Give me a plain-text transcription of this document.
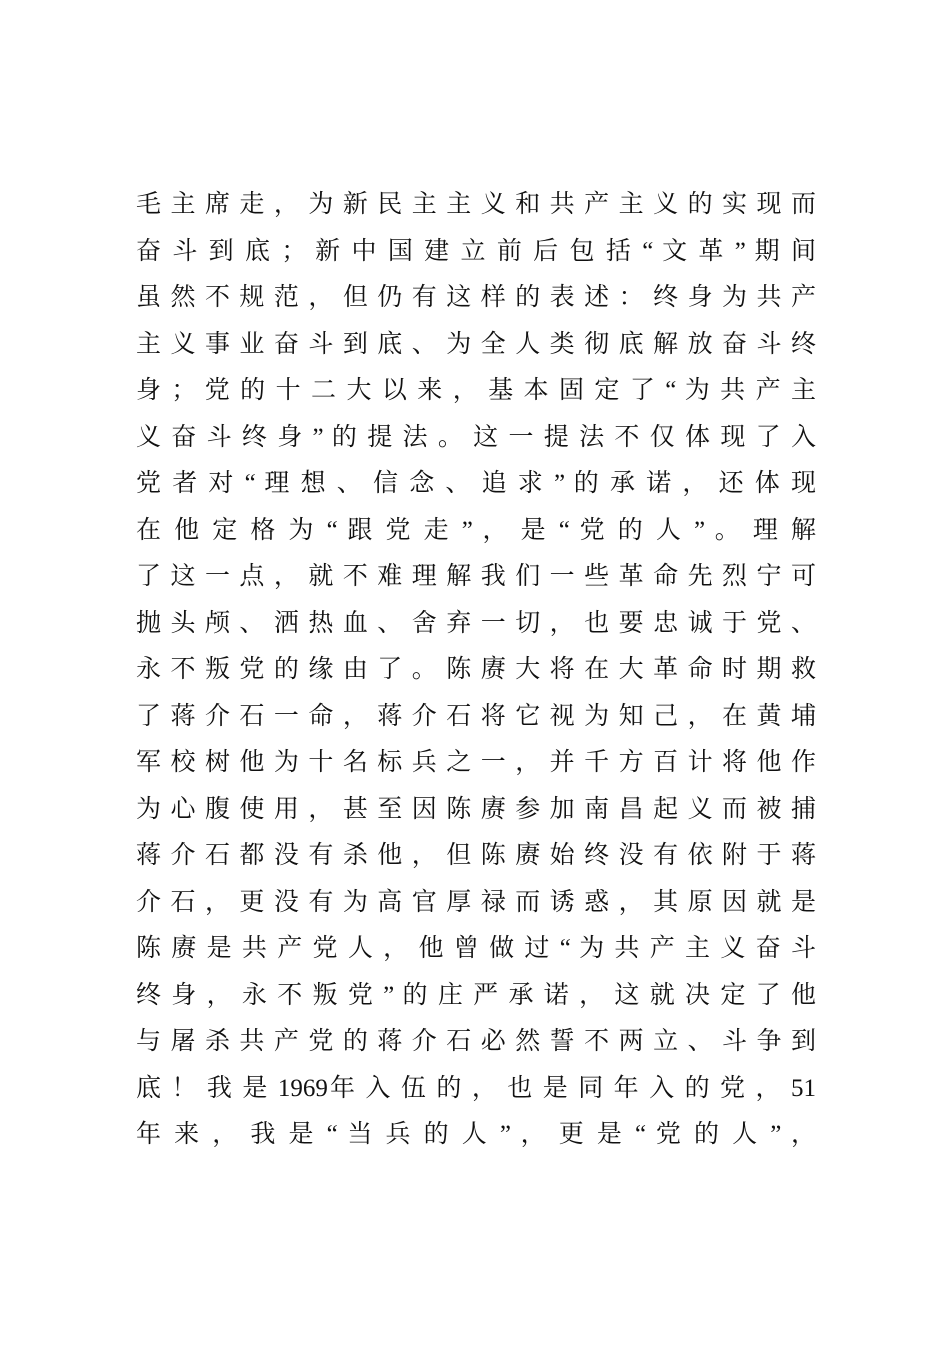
毛 主 席 走 ， 为 新 民 主 主 义 和 共 产 主 义 的 实 现 而
奋 斗 到 底 ； 新 中 国 建 立 前 后 包 括 “ 文 革 ” 期 间
虽 然 不 规 范 ， 但 仍 有 这 样 的 表 述 ： 终 身 为 共 产
主 义 事 业 奋 斗 到 底 、 为 全 人 类 彻 底 解 放 奋 斗 终
身 ； 党 的 十 二 大 以 来 ， 基 本 固 定 了 “ 为 共 产 主
义 奋 斗 终 身 ” 的 提 法 。 这 一 提 法 不 仅 体 现 了 入
党 者 对 “ 理 想 、 信 念 、 追 求 ” 的 承 诺 ， 还 体 现
在 他 定 格 为 “ 跟 党 走 ” ， 是 “ 党 的 人 ” 。 理 解
了 这 一 点 ， 就 不 难 理 解 我 们 一 些 革 命 先 烈 宁 可
抛 头 颅 、 洒 热 血 、 舍 弃 一 切 ， 也 要 忠 诚 于 党 、
永 不 叛 党 的 缘 由 了 。 陈 赓 大 将 在 大 革 命 时 期 救
了 蒋 介 石 一 命 ， 蒋 介 石 将 它 视 为 知 己 ， 在 黄 埔
军 校 树 他 为 十 名 标 兵 之 一 ， 并 千 方 百 计 将 他 作
为 心 腹 使 用 ， 甚 至 因 陈 赓 参 加 南 昌 起 义 而 被 捕
蒋 介 石 都 没 有 杀 他 ， 但 陈 赓 始 终 没 有 依 附 于 蒋
介 石 ， 更 没 有 为 高 官 厚 禄 而 诱 惑 ， 其 原 因 就 是
陈 赓 是 共 产 党 人 ， 他 曾 做 过 “ 为 共 产 主 义 奋 斗
终 身 ， 永 不 叛 党 ” 的 庄 严 承 诺 ， 这 就 决 定 了 他
与 屠 杀 共 产 党 的 蒋 介 石 必 然 誓 不 两 立 、 斗 争 到
底 ！ 我 是 1969年 入 伍 的 ， 也 是 同 年 入 的 党 ， 51
年 来 ， 我 是 “ 当 兵 的 人 ” ， 更 是 “ 党 的 人 ” ，
